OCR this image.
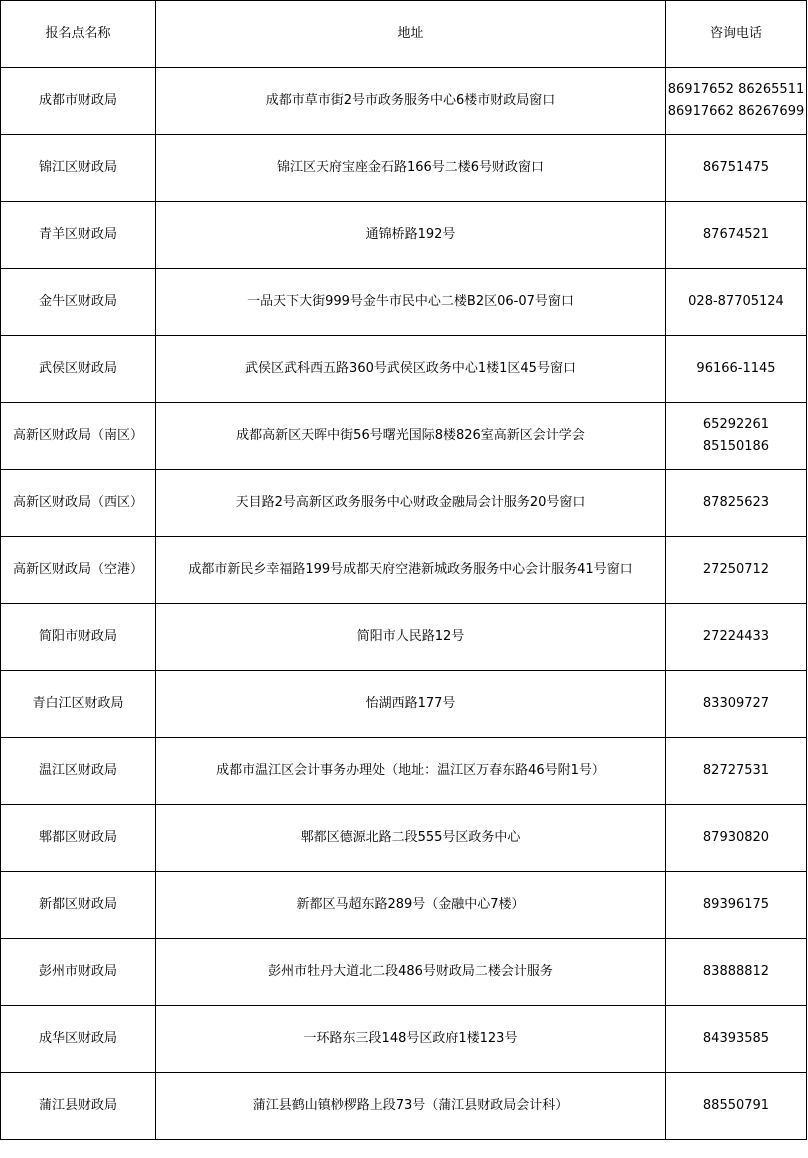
报名点名称	地址	咨询电话
成都市财政局	成都市草市街2号市政务服务中心6楼市财政局窗口	86917652 86265511
86917662 86267699

锦江区财政局	锦江区天府宝座金石路166号二楼6号财政窗口	86751475

青羊区财政局	通锦桥路192号	87674521

金牛区财政局	一品天下大街999号金牛市民中心二楼B2区06-07号窗口	028-87705124

武侯区财政局	武侯区武科西五路360号武侯区政务中心1楼1区45号窗口	96166-1145

高新区财政局（南区）	成都高新区天晖中街56号曙光国际8楼826室高新区会计学会	65292261
85150186

高新区财政局（西区）	天目路2号高新区政务服务中心财政金融局会计服务20号窗口	87825623

高新区财政局（空港）	成都市新民乡幸福路199号成都天府空港新城政务服务中心会计服务41号窗口	27250712

简阳市财政局	简阳市人民路12号	27224433

青白江区财政局	怡湖西路177号	83309727

温江区财政局	成都市温江区会计事务办理处（地址：温江区万春东路46号附1号）	82727531

郫都区财政局	郫都区德源北路二段555号区政务中心	87930820

新都区财政局	新都区马超东路289号（金融中心7楼）	89396175

彭州市财政局	彭州市牡丹大道北二段486号财政局二楼会计服务	83888812

成华区财政局	一环路东三段148号区政府1楼123号	84393585

蒲江县财政局	蒲江县鹤山镇桫椤路上段73号（蒲江县财政局会计科）	88550791
